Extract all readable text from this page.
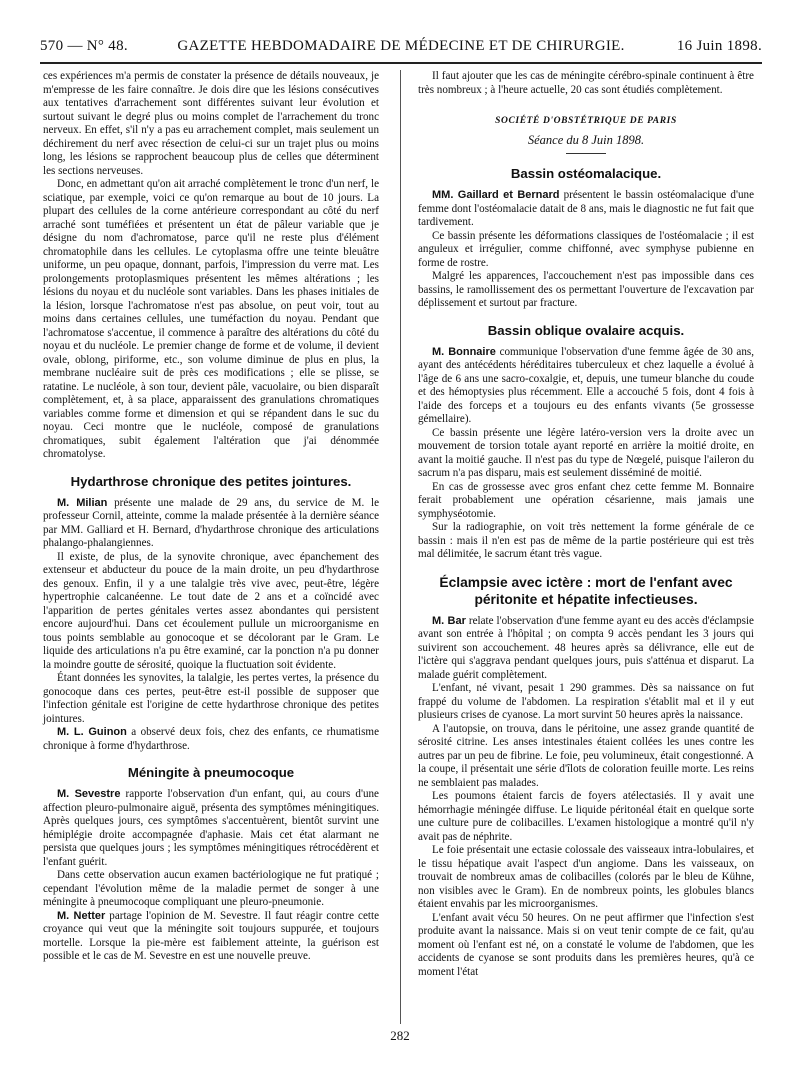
570 — N° 48.	GAZETTE HEBDOMADAIRE DE MÉDECINE ET DE CHIRURGIE.	16 Juin 1898.

ces expériences m'a permis de constater la présence de détails nouveaux, je m'empresse de les faire connaître. Je dois dire que les lésions consécutives aux tentatives d'arrachement sont différentes suivant leur évolution et surtout suivant le degré plus ou moins complet de l'arrachement du tronc nerveux. En effet, s'il n'y a pas eu arrachement complet, mais seulement un déchirement du nerf avec résection de celui-ci sur un trajet plus ou moins long, les lésions se rapprochent beaucoup plus de celles que déterminent les sections nerveuses.

Donc, en admettant qu'on ait arraché complètement le tronc d'un nerf, le sciatique, par exemple, voici ce qu'on remarque au bout de 10 jours. La plupart des cellules de la corne antérieure correspondant au côté du nerf arraché sont tuméfiées et présentent un état de pâleur variable que je désigne du nom d'achromatose, parce qu'il ne reste plus d'élément chromatophile dans les cellules. Le cytoplasma offre une teinte bleuâtre uniforme, un peu opaque, donnant, parfois, l'impression du verre mat. Les prolongements protoplasmiques présentent les mêmes altérations ; les lésions du noyau et du nucléole sont variables. Dans les phases initiales de la lésion, lorsque l'achromatose n'est pas absolue, on peut voir, tout au moins dans certaines cellules, une tuméfaction du noyau. Pendant que l'achromatose s'accentue, il commence à paraître des altérations du côté du noyau et du nucléole. Le premier change de forme et de volume, il devient ovale, oblong, piriforme, etc., son volume diminue de plus en plus, la membrane nucléaire suit de près ces modifications ; elle se plisse, se ratatine. Le nucléole, à son tour, devient pâle, vacuolaire, ou bien disparaît complètement, et, à sa place, apparaissent des granulations chromatiques variables comme forme et dimension et qui se répandent dans le suc du noyau. Ceci montre que le nucléole, composé de granulations chromatiques, subit également l'altération que j'ai dénommée chromatolyse.

Hydarthrose chronique des petites jointures.

M. Milian présente une malade de 29 ans, du service de M. le professeur Cornil, atteinte, comme la malade présentée à la dernière séance par MM. Galliard et H. Bernard, d'hydarthrose chronique des articulations phalango-phalangiennes.

Il existe, de plus, de la synovite chronique, avec épanchement des extenseur et abducteur du pouce de la main droite, un peu d'hydarthrose des genoux. Enfin, il y a une talalgie très vive avec, peut-être, légère hypertrophie calcanéenne. Le tout date de 2 ans et a coïncidé avec l'apparition de pertes génitales vertes assez abondantes qui persistent encore aujourd'hui. Dans cet écoulement pullule un microorganisme en tous points semblable au gonocoque et se décolorant par le Gram. Le liquide des articulations n'a pu être examiné, car la ponction n'a pu donner la moindre goutte de sérosité, quoique la fluctuation soit évidente.

Étant données les synovites, la talalgie, les pertes vertes, la présence du gonocoque dans ces pertes, peut-être est-il possible de supposer que l'infection génitale est l'origine de cette hydarthrose chronique des petites jointures.

M. L. Guinon a observé deux fois, chez des enfants, ce rhumatisme chronique à forme d'hydarthrose.

Méningite à pneumocoque

M. Sevestre rapporte l'observation d'un enfant, qui, au cours d'une affection pleuro-pulmonaire aiguë, présenta des symptômes méningitiques. Après quelques jours, ces symptômes s'accentuèrent, bientôt survint une hémiplégie droite accompagnée d'aphasie. Mais cet état alarmant ne persista que quelques jours ; les symptômes méningitiques rétrocédèrent et l'enfant guérit.

Dans cette observation aucun examen bactériologique ne fut pratiqué ; cependant l'évolution même de la maladie permet de songer à une méningite à pneumocoque compliquant une pleuro-pneumonie.

M. Netter partage l'opinion de M. Sevestre. Il faut réagir contre cette croyance qui veut que la méningite soit toujours suppurée, et toujours mortelle. Lorsque la pie-mère est faiblement atteinte, la guérison est possible et le cas de M. Sevestre en est une nouvelle preuve.

Il faut ajouter que les cas de méningite cérébro-spinale continuent à être très nombreux ; à l'heure actuelle, 20 cas sont étudiés complètement.

SOCIÉTÉ D'OBSTÉTRIQUE DE PARIS
Séance du 8 Juin 1898.
Bassin ostéomalacique.

MM. Gaillard et Bernard présentent le bassin ostéomalacique d'une femme dont l'ostéomalacie datait de 8 ans, mais le diagnostic ne fut fait que tardivement.

Ce bassin présente les déformations classiques de l'ostéomalacie ; il est anguleux et irrégulier, comme chiffonné, avec symphyse pubienne en forme de rostre.

Malgré les apparences, l'accouchement n'est pas impossible dans ces bassins, le ramollissement des os permettant l'ouverture de l'excavation par déplissement et surtout par fracture.

Bassin oblique ovalaire acquis.

M. Bonnaire communique l'observation d'une femme âgée de 30 ans, ayant des antécédents héréditaires tuberculeux et chez laquelle a évolué à l'âge de 6 ans une sacro-coxalgie, et, depuis, une tumeur blanche du coude et des hémoptysies plus récemment. Elle a accouché 5 fois, dont 4 fois à l'aide des forceps et a toujours eu des enfants vivants (5e grossesse gémellaire).

Ce bassin présente une légère latéro-version vers la droite avec un mouvement de torsion totale ayant reporté en arrière la moitié droite, en avant la moitié gauche. Il n'est pas du type de Nœgelé, puisque l'aileron du sacrum n'a pas disparu, mais est seulement disséminé de moitié.

En cas de grossesse avec gros enfant chez cette femme M. Bonnaire ferait probablement une opération césarienne, mais jamais une symphyséotomie.

Sur la radiographie, on voit très nettement la forme générale de ce bassin : mais il n'en est pas de même de la partie postérieure qui est très mal délimitée, le sacrum étant très vague.

Éclampsie avec ictère : mort de l'enfant avec péritonite et hépatite infectieuses.

M. Bar relate l'observation d'une femme ayant eu des accès d'éclampsie avant son entrée à l'hôpital ; on compta 9 accès pendant les 3 jours qui suivirent son accouchement. 48 heures après sa délivrance, elle eut de l'ictère qui s'aggrava pendant quelques jours, puis s'atténua et disparut. La malade guérit complètement.

L'enfant, né vivant, pesait 1 290 grammes. Dès sa naissance on fut frappé du volume de l'abdomen. La respiration s'établit mal et il y eut plusieurs crises de cyanose. La mort survint 50 heures après la naissance.

A l'autopsie, on trouva, dans le péritoine, une assez grande quantité de sérosité citrine. Les anses intestinales étaient collées les unes contre les autres par un peu de fibrine. Le foie, peu volumineux, était congestionné. A la coupe, il présentait une série d'îlots de coloration feuille morte. Les reins ne semblaient pas malades.

Les poumons étaient farcis de foyers atélectasiés. Il y avait une hémorrhagie méningée diffuse. Le liquide péritonéal était en quelque sorte une culture pure de colibacilles. L'examen histologique a montré qu'il n'y avait pas de néphrite.

Le foie présentait une ectasie colossale des vaisseaux intra-lobulaires, et le tissu hépatique avait l'aspect d'un angiome. Dans les vaisseaux, on trouvait de nombreux amas de colibacilles (colorés par le bleu de Kühne, non visibles avec le Gram). En de nombreux points, les globules blancs étaient envahis par les microorganismes.

L'enfant avait vécu 50 heures. On ne peut affirmer que l'infection s'est produite avant la naissance. Mais si on veut tenir compte de ce fait, qu'au moment où l'enfant est né, on a constaté le volume de l'abdomen, que les accidents de cyanose se sont produits dans les premières heures, qu'à ce moment l'état

282
